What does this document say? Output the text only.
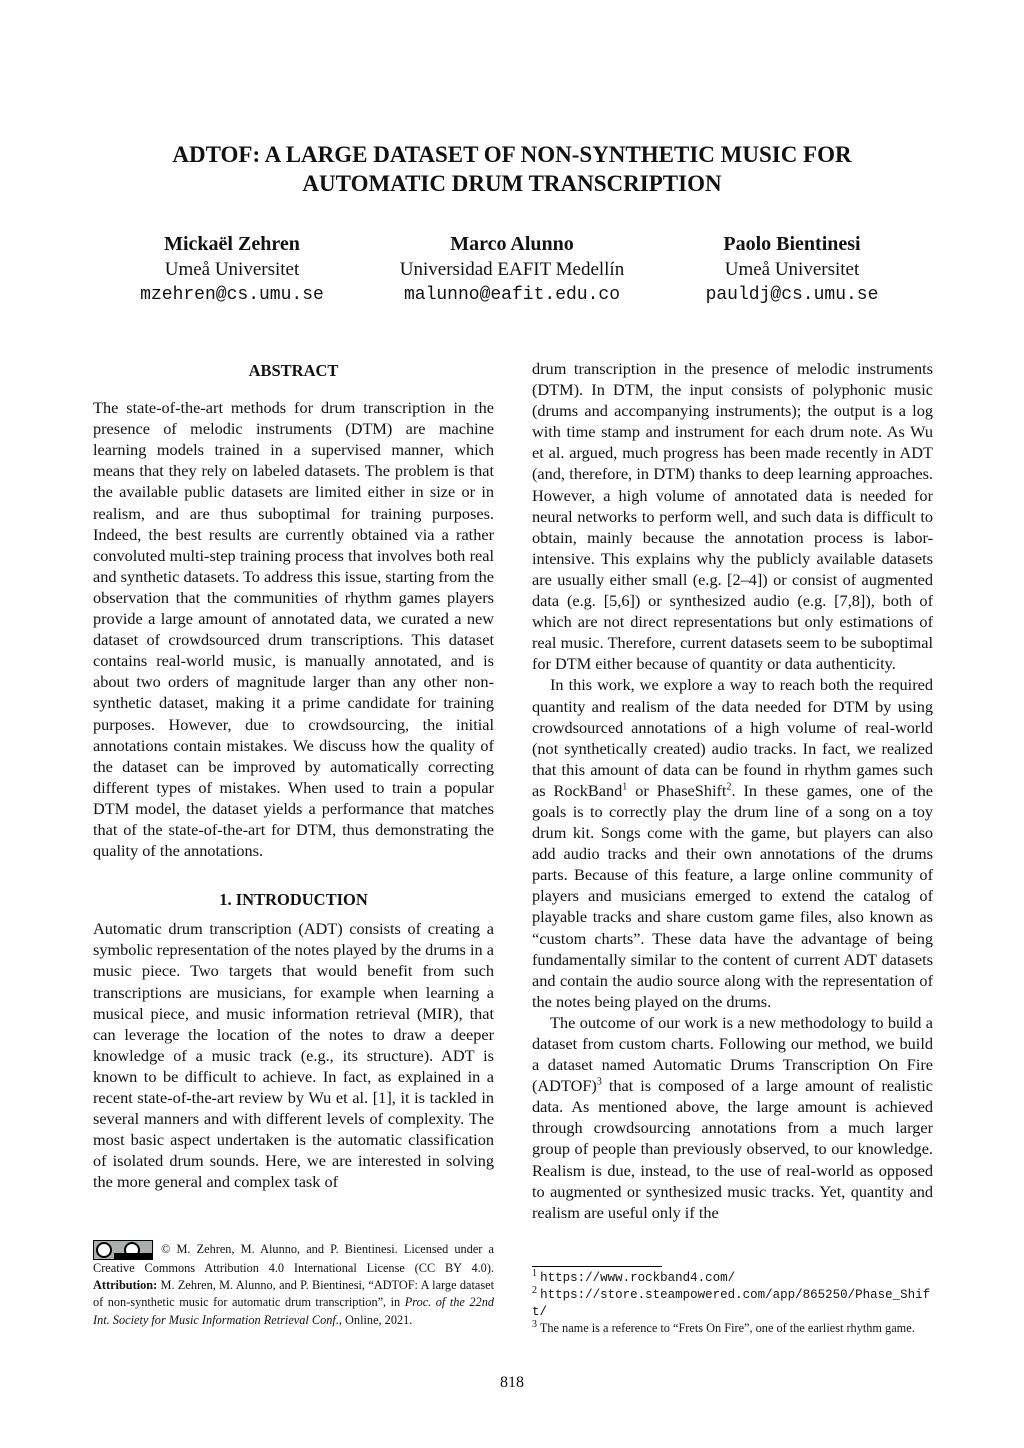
ADTOF: A LARGE DATASET OF NON-SYNTHETIC MUSIC FOR
AUTOMATIC DRUM TRANSCRIPTION
Mickaël Zehren
Umeå Universitet
mzehren@cs.umu.se
Marco Alunno
Universidad EAFIT Medellín
malunno@eafit.edu.co
Paolo Bientinesi
Umeå Universitet
pauldj@cs.umu.se
ABSTRACT

The state-of-the-art methods for drum transcription in the presence of melodic instruments (DTM) are machine learning models trained in a supervised manner, which means that they rely on labeled datasets. The problem is that the available public datasets are limited either in size or in realism, and are thus suboptimal for training purposes. Indeed, the best results are currently obtained via a rather convoluted multi-step training process that involves both real and synthetic datasets. To address this issue, starting from the observation that the communities of rhythm games players provide a large amount of annotated data, we curated a new dataset of crowdsourced drum transcriptions. This dataset contains real-world music, is manually annotated, and is about two orders of magnitude larger than any other non-synthetic dataset, making it a prime candidate for training purposes. However, due to crowdsourcing, the initial annotations contain mistakes. We discuss how the quality of the dataset can be improved by automatically correcting different types of mistakes. When used to train a popular DTM model, the dataset yields a performance that matches that of the state-of-the-art for DTM, thus demonstrating the quality of the annotations.

1. INTRODUCTION

Automatic drum transcription (ADT) consists of creating a symbolic representation of the notes played by the drums in a music piece. Two targets that would benefit from such transcriptions are musicians, for example when learning a musical piece, and music information retrieval (MIR), that can leverage the location of the notes to draw a deeper knowledge of a music track (e.g., its structure). ADT is known to be difficult to achieve. In fact, as explained in a recent state-of-the-art review by Wu et al. [1], it is tackled in several manners and with different levels of complexity. The most basic aspect undertaken is the automatic classification of isolated drum sounds. Here, we are interested in solving the more general and complex task of

© M. Zehren, M. Alunno, and P. Bientinesi. Licensed under a Creative Commons Attribution 4.0 International License (CC BY 4.0). Attribution: M. Zehren, M. Alunno, and P. Bientinesi, “ADTOF: A large dataset of non-synthetic music for automatic drum transcription”, in Proc. of the 22nd Int. Society for Music Information Retrieval Conf., Online, 2021.

drum transcription in the presence of melodic instruments (DTM). In DTM, the input consists of polyphonic music (drums and accompanying instruments); the output is a log with time stamp and instrument for each drum note. As Wu et al. argued, much progress has been made recently in ADT (and, therefore, in DTM) thanks to deep learning approaches. However, a high volume of annotated data is needed for neural networks to perform well, and such data is difficult to obtain, mainly because the annotation process is labor-intensive. This explains why the publicly available datasets are usually either small (e.g. [2–4]) or consist of augmented data (e.g. [5,6]) or synthesized audio (e.g. [7,8]), both of which are not direct representations but only estimations of real music. Therefore, current datasets seem to be suboptimal for DTM either because of quantity or data authenticity.

In this work, we explore a way to reach both the required quantity and realism of the data needed for DTM by using crowdsourced annotations of a high volume of real-world (not synthetically created) audio tracks. In fact, we realized that this amount of data can be found in rhythm games such as RockBand$^1$ or PhaseShift$^2$. In these games, one of the goals is to correctly play the drum line of a song on a toy drum kit. Songs come with the game, but players can also add audio tracks and their own annotations of the drums parts. Because of this feature, a large online community of players and musicians emerged to extend the catalog of playable tracks and share custom game files, also known as “custom charts”. These data have the advantage of being fundamentally similar to the content of current ADT datasets and contain the audio source along with the representation of the notes being played on the drums.

The outcome of our work is a new methodology to build a dataset from custom charts. Following our method, we build a dataset named Automatic Drums Transcription On Fire (ADTOF)$^3$ that is composed of a large amount of realistic data. As mentioned above, the large amount is achieved through crowdsourcing annotations from a much larger group of people than previously observed, to our knowledge. Realism is due, instead, to the use of real-world as opposed to augmented or synthesized music tracks. Yet, quantity and realism are useful only if the

$^1$ https://www.rockband4.com/
$^2$ https://store.steampowered.com/app/865250/Phase_Shift/
$^3$ The name is a reference to “Frets On Fire”, one of the earliest rhythm game.
818
